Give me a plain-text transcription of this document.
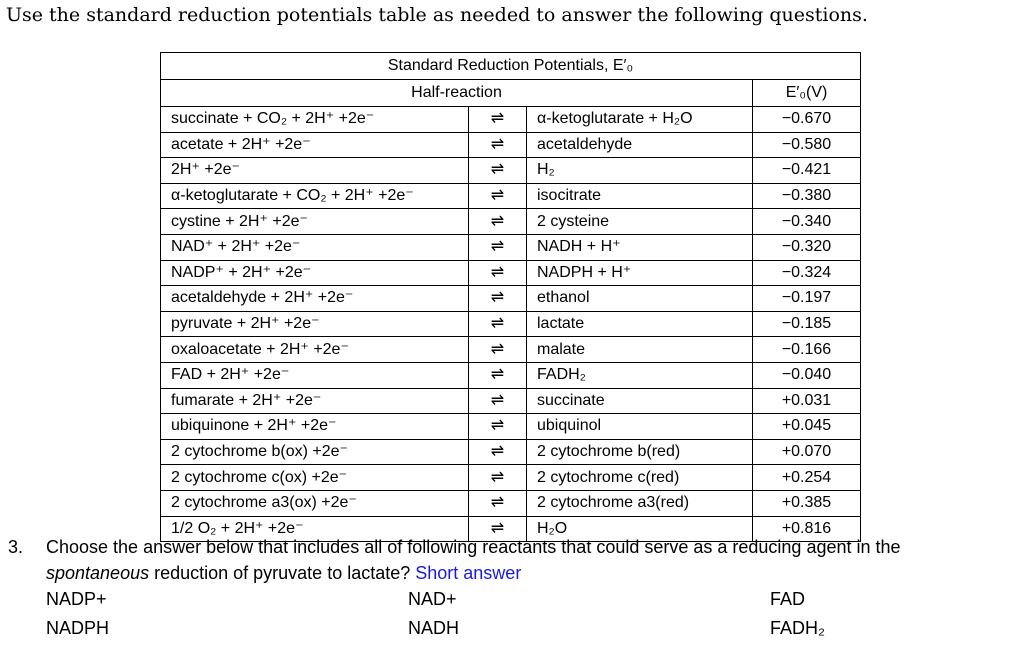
Use the standard reduction potentials table as needed to answer the following questions.
Standard Reduction Potentials, E′₀			
Half-reaction			E′₀(V)
succinate + CO₂ + 2H⁺ +2e⁻	⇌	α-ketoglutarate + H₂O	−0.670
acetate + 2H⁺ +2e⁻	⇌	acetaldehyde	−0.580
2H⁺ +2e⁻	⇌	H₂	−0.421
α-ketoglutarate + CO₂ + 2H⁺ +2e⁻	⇌	isocitrate	−0.380
cystine + 2H⁺ +2e⁻	⇌	2 cysteine	−0.340
NAD⁺ + 2H⁺ +2e⁻	⇌	NADH + H⁺	−0.320
NADP⁺ + 2H⁺ +2e⁻	⇌	NADPH + H⁺	−0.324
acetaldehyde + 2H⁺ +2e⁻	⇌	ethanol	−0.197
pyruvate + 2H⁺ +2e⁻	⇌	lactate	−0.185
oxaloacetate + 2H⁺ +2e⁻	⇌	malate	−0.166
FAD + 2H⁺ +2e⁻	⇌	FADH₂	−0.040
fumarate + 2H⁺ +2e⁻	⇌	succinate	+0.031
ubiquinone + 2H⁺ +2e⁻	⇌	ubiquinol	+0.045
2 cytochrome b(ox) +2e⁻	⇌	2 cytochrome b(red)	+0.070
2 cytochrome c(ox) +2e⁻	⇌	2 cytochrome c(red)	+0.254
2 cytochrome a3(ox) +2e⁻	⇌	2 cytochrome a3(red)	+0.385
1/2 O₂ + 2H⁺ +2e⁻	⇌	H₂O	+0.816
3. Choose the answer below that includes all of following reactants that could serve as a reducing agent in the spontaneous reduction of pyruvate to lactate? Short answer
NADP+	NAD+	FAD
NADPH	NADH	FADH₂
